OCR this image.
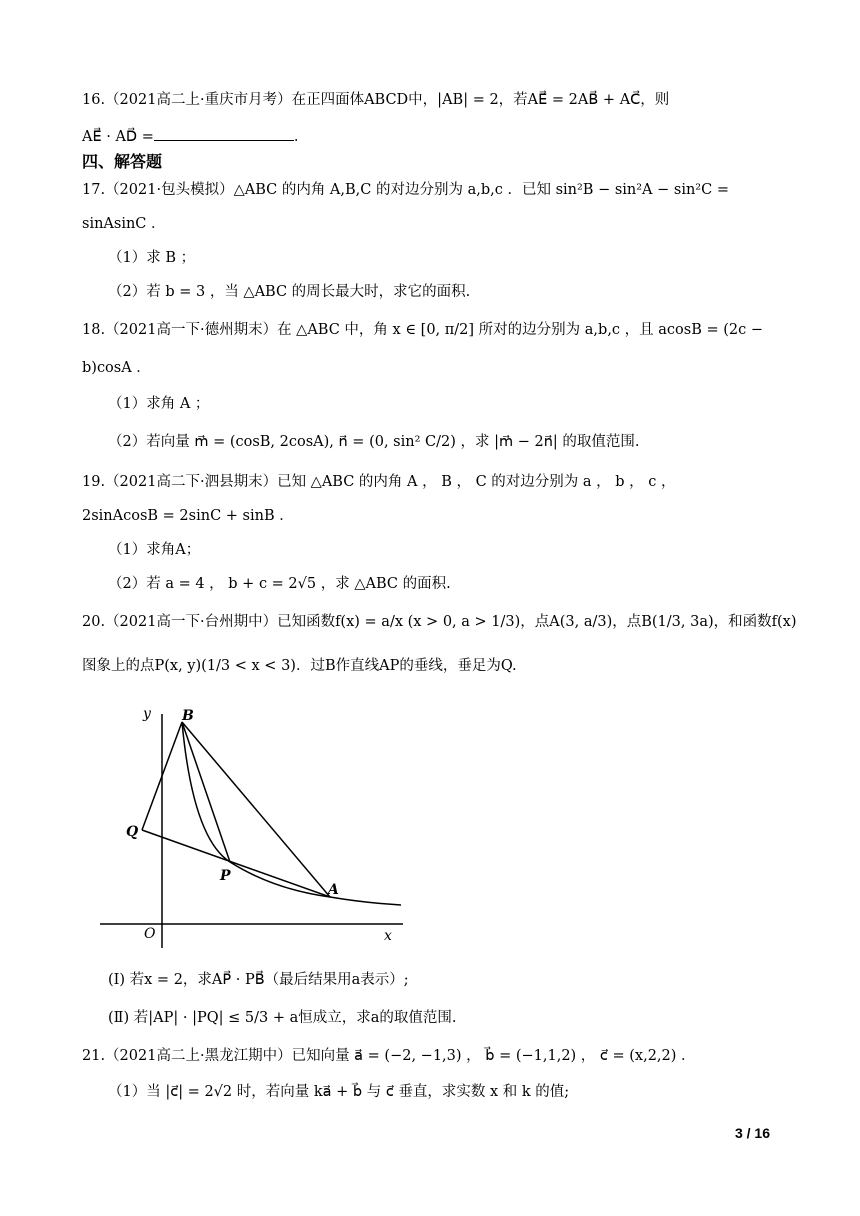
16.（2021高二上·重庆市月考）在正四面体ABCD中，|AB| = 2，若AE⃗ = 2AB⃗ + AC⃗，则
AE⃗ · AD⃗ =	.
四、解答题
17.（2021·包头模拟）△ABC 的内角 A,B,C 的对边分别为 a,b,c ．已知 sin²B − sin²A − sin²C =
sinAsinC ．
（1）求 B ；
（2）若 b = 3 ，当 △ABC 的周长最大时，求它的面积.
18.（2021高一下·德州期末）在 △ABC 中，角 x ∈ [0, π/2] 所对的边分别为 a,b,c ，且 acosB = (2c −
b)cosA ．
（1）求角 A ；
（2）若向量 m⃗ = (cosB, 2cosA), n⃗ = (0, sin² C/2) ，求 |m⃗ − 2n⃗| 的取值范围.
19.（2021高二下·泗县期末）已知 △ABC 的内角 A ， B ， C 的对边分别为 a ， b ， c ，
2sinAcosB = 2sinC + sinB ．
（1）求角A；
（2）若 a = 4 ， b + c = 2√5 ，求 △ABC 的面积.
20.（2021高一下·台州期中）已知函数f(x) = a/x (x > 0, a > 1/3)，点A(3, a/3)，点B(1/3, 3a)，和函数f(x)
图象上的点P(x, y)(1/3 < x < 3)．过B作直线AP的垂线，垂足为Q.
y
x
O
B
Q
P
A
(Ⅰ) 若x = 2，求AP⃗ · PB⃗（最后结果用a表示）;
(Ⅱ) 若|AP| · |PQ| ≤ 5/3 + a恒成立，求a的取值范围.
21.（2021高二上·黑龙江期中）已知向量 a⃗ = (−2, −1,3) ， b⃗ = (−1,1,2) ， c⃗ = (x,2,2) ．
（1）当 |c⃗| = 2√2 时，若向量 ka⃗ + b⃗ 与 c⃗ 垂直，求实数 x 和 k 的值;
3 / 16
